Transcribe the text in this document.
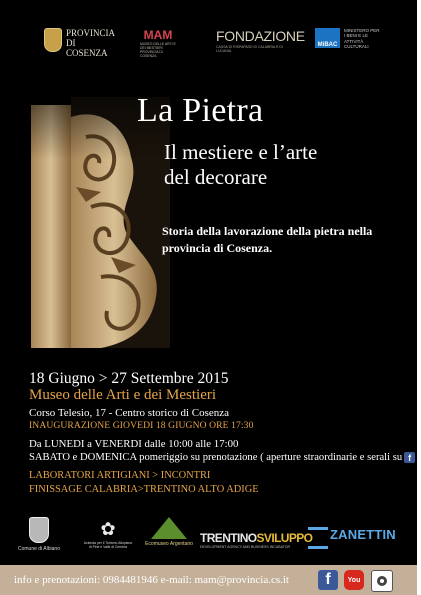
PROVINCIA DI COSENZA
MAM
MUSEO DELLE ARTI E DEI MESTIERI PROVINCIA DI COSENZA
FONDAZIONE
CASSA DI RISPARMIO DI CALABRIA E DI LUCANIA
MiBAC
MINISTERO PER I BENI E LE ATTIVITÀ CULTURALI
La Pietra
Il mestiere e l’arte
del decorare
Storia della lavorazione della pietra nella provincia di Cosenza.
18 Giugno > 27 Settembre 2015
Museo delle Arti e dei Mestieri
Corso Telesio, 17 - Centro storico di Cosenza
INAUGURAZIONE GIOVEDI 18 GIUGNO ORE 17:30
Da LUNEDI a VENERDI dalle 10:00 alle 17:00
SABATO e DOMENICA pomeriggio su prenotazione ( aperture straordinarie e serali su f )
LABORATORI ARTIGIANI > INCONTRI
FINISSAGE CALABRIA>TRENTINO ALTO ADIGE
Comune di Albiano
✿
Azienda per il Turismo Altopiano di Piné e Valle di Cembra	Ecomuseo Argentario TRENTINOSVILUPPO
DEVELOPMENT AGENCY AND BUSINESS INCUBATOR
ZANETTIN
info e prenotazioni: 0984481946 e-mail: mam@provincia.cs.it	f	You
